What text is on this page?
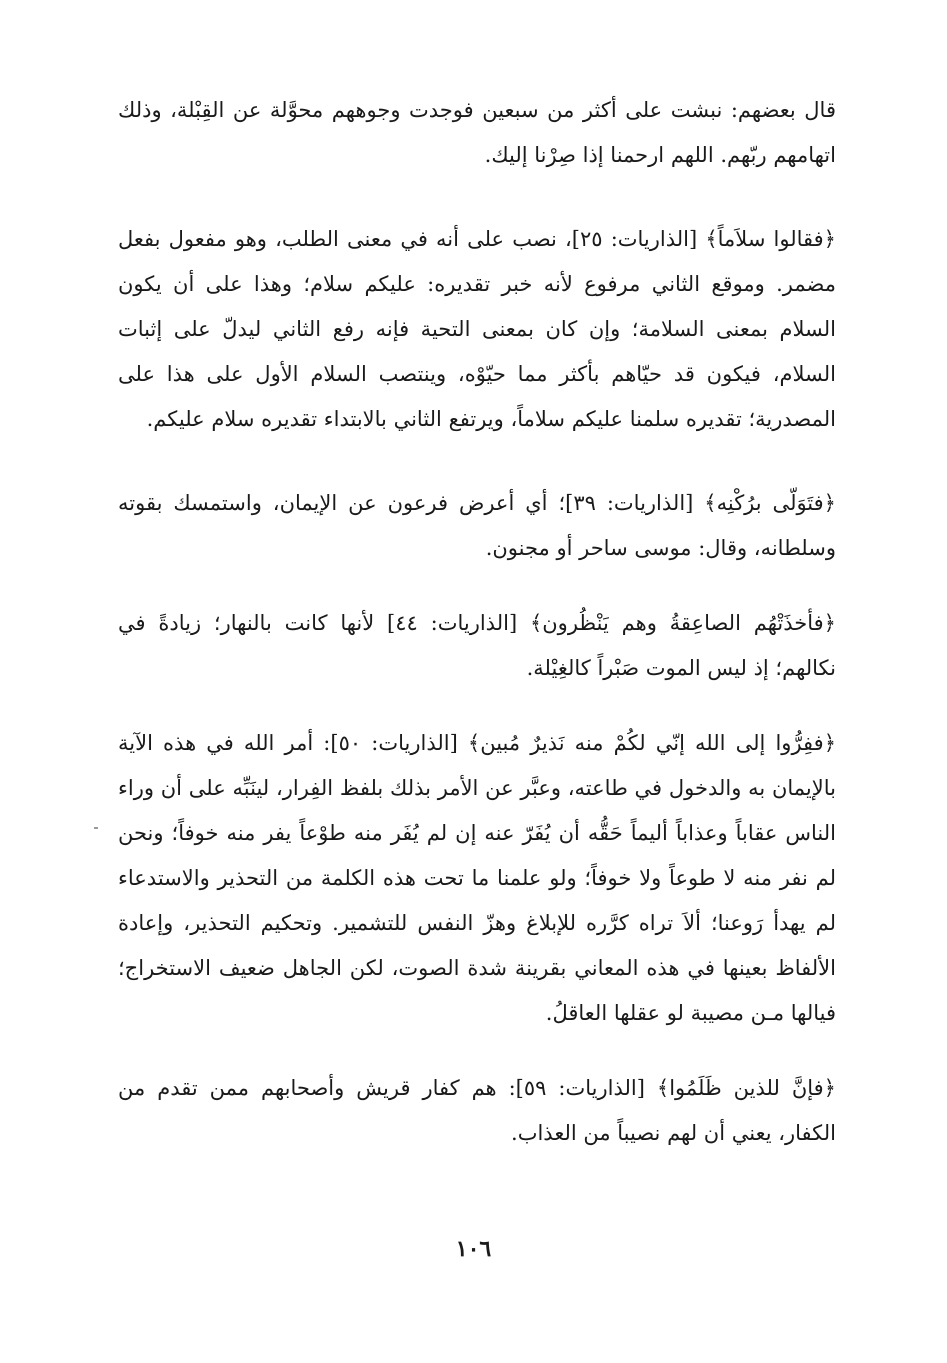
قال بعضهم: نبشت على أكثر من سبعين فوجدت وجوههم محوَّلة عن القِبْلة، وذلك اتهامهم ربّهم. اللهم ارحمنا إذا صِرْنا إليك.

﴿فقالوا سلاَماً﴾ [الذاريات: ٢٥]، نصب على أنه في معنى الطلب، وهو مفعول بفعل مضمر. وموقع الثاني مرفوع لأنه خبر تقديره: عليكم سلام؛ وهذا على أن يكون السلام بمعنى السلامة؛ وإن كان بمعنى التحية فإنه رفع الثاني ليدلّ على إثبات السلام، فيكون قد حيّاهم بأكثر مما حيّوْه، وينتصب السلام الأول على هذا على المصدرية؛ تقديره سلمنا عليكم سلاماً، ويرتفع الثاني بالابتداء تقديره سلام عليكم.

﴿فتَوَلّى برُكْنِه﴾ [الذاريات: ٣٩]؛ أي أعرض فرعون عن الإيمان، واستمسك بقوته وسلطانه، وقال: موسى ساحر أو مجنون.

﴿فأخذَتْهُم الصاعِقةُ وهم يَنْظُرون﴾ [الذاريات: ٤٤] لأنها كانت بالنهار؛ زيادةً في نكالهم؛ إذ ليس الموت صَبْراً كالغِيْلة.

﴿ففِرُّوا إلى الله إنّي لكُمْ منه نَذيرٌ مُبين﴾ [الذاريات: ٥٠]: أمر الله في هذه الآية بالإيمان به والدخول في طاعته، وعبَّر عن الأمر بذلك بلفظ الفِرار، لينَبِّه على أن وراء الناس عقاباً وعذاباً أليماً حَقُّه أن يُفَرّ عنه إن لم يُفَر منه طوْعاً يفر منه خوفاً؛ ونحن لم نفر منه لا طوعاً ولا خوفاً؛ ولو علمنا ما تحت هذه الكلمة من التحذير والاستدعاء لم يهدأ رَوعنا؛ ألاَ تراه كرَّره للإبلاغ وهزّ النفس للتشمير. وتحكيم التحذير، وإعادة الألفاظ بعينها في هذه المعاني بقرينة شدة الصوت، لكن الجاهل ضعيف الاستخراج؛ فيالها مـن مصيبة لو عقلها العاقلُ.

﴿فإنَّ للذين ظَلَمُوا﴾ [الذاريات: ٥٩]: هم كفار قريش وأصحابهم ممن تقدم من الكفار، يعني أن لهم نصيباً من العذاب.

١٠٦
